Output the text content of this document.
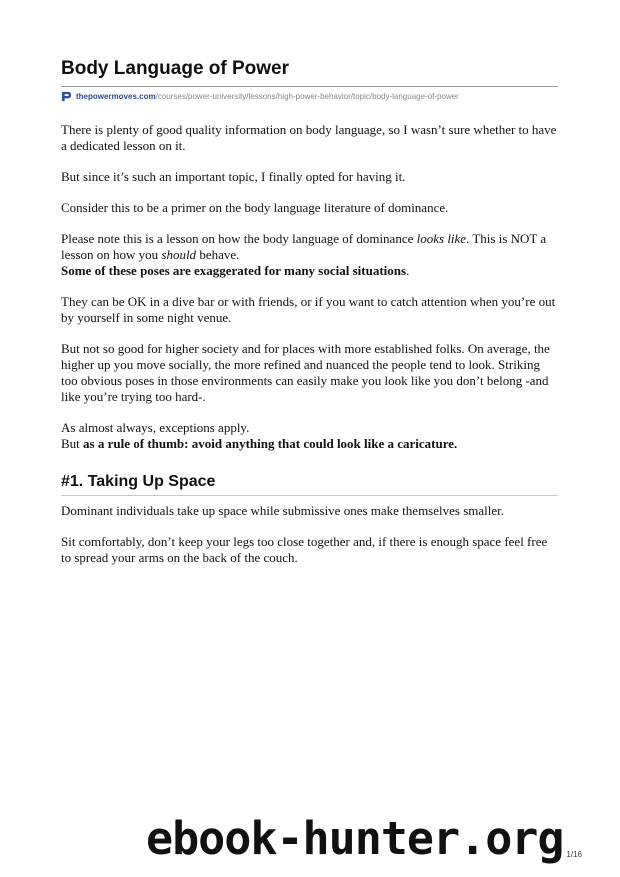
Body Language of Power
thepowermoves.com /courses/power-university/lessons/high-power-behavior/topic/body-language-of-power

There is plenty of good quality information on body language, so I wasn’t sure whether to have a dedicated lesson on it.

But since it’s such an important topic, I finally opted for having it.

Consider this to be a primer on the body language literature of dominance.

Please note this is a lesson on how the body language of dominance looks like. This is NOT a lesson on how you should behave.
Some of these poses are exaggerated for many social situations.

They can be OK in a dive bar or with friends, or if you want to catch attention when you’re out by yourself in some night venue.

But not so good for higher society and for places with more established folks. On average, the higher up you move socially, the more refined and nuanced the people tend to look. Striking too obvious poses in those environments can easily make you look like you don’t belong -and like you’re trying too hard-.

As almost always, exceptions apply.
But as a rule of thumb: avoid anything that could look like a caricature.

#1. Taking Up Space

Dominant individuals take up space while submissive ones make themselves smaller.

Sit comfortably, don’t keep your legs too close together and, if there is enough space feel free to spread your arms on the back of the couch.

ebook-hunter.org 1/16
